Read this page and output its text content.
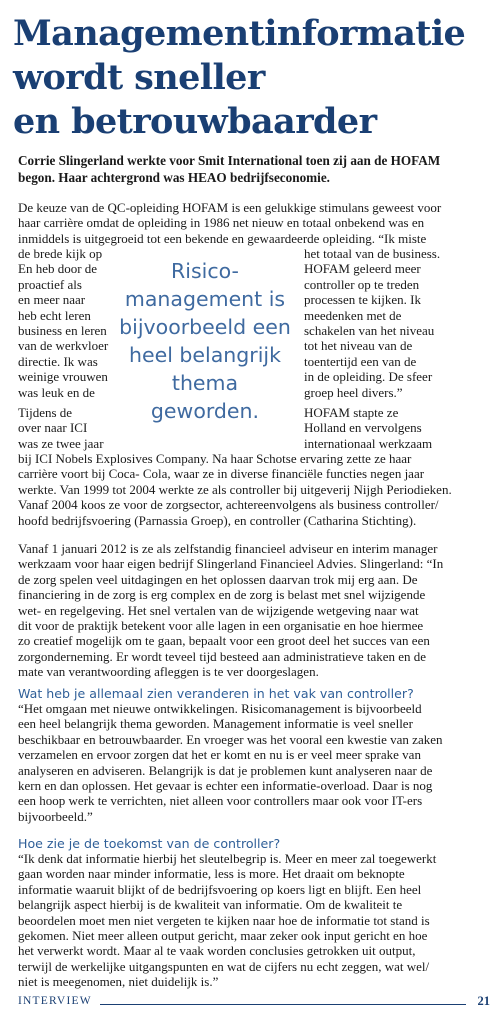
Managementinformatie
wordt sneller
en betrouwbaarder

Corrie Slingerland werkte voor Smit International toen zij aan de HOFAM
begon. Haar achtergrond was HEAO bedrijfseconomie.

De keuze van de QC-opleiding HOFAM is een gelukkige stimulans geweest voor
haar carrière omdat de opleiding in 1986 net nieuw en totaal onbekend was en
inmiddels is uitgegroeid tot een bekende en gewaardeerde opleiding. “Ik miste

de brede kijk op
En heb door de
proactief als
en meer naar
heb echt leren
business en leren
van de werkvloer
directie. Ik was
weinige vrouwen
was leuk en de

het totaal van de business.
HOFAM geleerd meer
controller op te treden
processen te kijken. Ik
meedenken met de
schakelen van het niveau
tot het niveau van de
toentertijd een van de
in de opleiding. De sfeer
groep heel divers.”

Risico-
management is
bijvoorbeeld een
heel belangrijk
thema
geworden.

Tijdens de
over naar ICI
was ze twee jaar

HOFAM stapte ze
Holland en vervolgens
internationaal werkzaam

bij ICI Nobels Explosives Company. Na haar Schotse ervaring zette ze haar
carrière voort bij Coca- Cola, waar ze in diverse financiële functies negen jaar
werkte. Van 1999 tot 2004 werkte ze als controller bij uitgeverij Nijgh Periodieken.
Vanaf 2004 koos ze voor de zorgsector, achtereenvolgens als business controller/
hoofd bedrijfsvoering (Parnassia Groep), en controller (Catharina Stichting).

Vanaf 1 januari 2012 is ze als zelfstandig financieel adviseur en interim manager
werkzaam voor haar eigen bedrijf Slingerland Financieel Advies. Slingerland: “In
de zorg spelen veel uitdagingen en het oplossen daarvan trok mij erg aan. De
financiering in de zorg is erg complex en de zorg is belast met snel wijzigende
wet- en regelgeving. Het snel vertalen van de wijzigende wetgeving naar wat
dit voor de praktijk betekent voor alle lagen in een organisatie en hoe hiermee
zo creatief mogelijk om te gaan, bepaalt voor een groot deel het succes van een
zorgonderneming. Er wordt teveel tijd besteed aan administratieve taken en de
mate van verantwoording afleggen is te ver doorgeslagen.

Wat heb je allemaal zien veranderen in het vak van controller?

“Het omgaan met nieuwe ontwikkelingen. Risicomanagement is bijvoorbeeld
een heel belangrijk thema geworden. Management informatie is veel sneller
beschikbaar en betrouwbaarder. En vroeger was het vooral een kwestie van zaken
verzamelen en ervoor zorgen dat het er komt en nu is er veel meer sprake van
analyseren en adviseren. Belangrijk is dat je problemen kunt analyseren naar de
kern en dan oplossen. Het gevaar is echter een informatie-overload. Daar is nog
een hoop werk te verrichten, niet alleen voor controllers maar ook voor IT-ers
bijvoorbeeld.”

Hoe zie je de toekomst van de controller?

“Ik denk dat informatie hierbij het sleutelbegrip is. Meer en meer zal toegewerkt
gaan worden naar minder informatie, less is more. Het draait om beknopte
informatie waaruit blijkt of de bedrijfsvoering op koers ligt en blijft. Een heel
belangrijk aspect hierbij is de kwaliteit van informatie. Om de kwaliteit te
beoordelen moet men niet vergeten te kijken naar hoe de informatie tot stand is
gekomen. Niet meer alleen output gericht, maar zeker ook input gericht en hoe
het verwerkt wordt. Maar al te vaak worden conclusies getrokken uit output,
terwijl de werkelijke uitgangspunten en wat de cijfers nu echt zeggen, wat wel/
niet is meegenomen, niet duidelijk is.”

INTERVIEW	21
